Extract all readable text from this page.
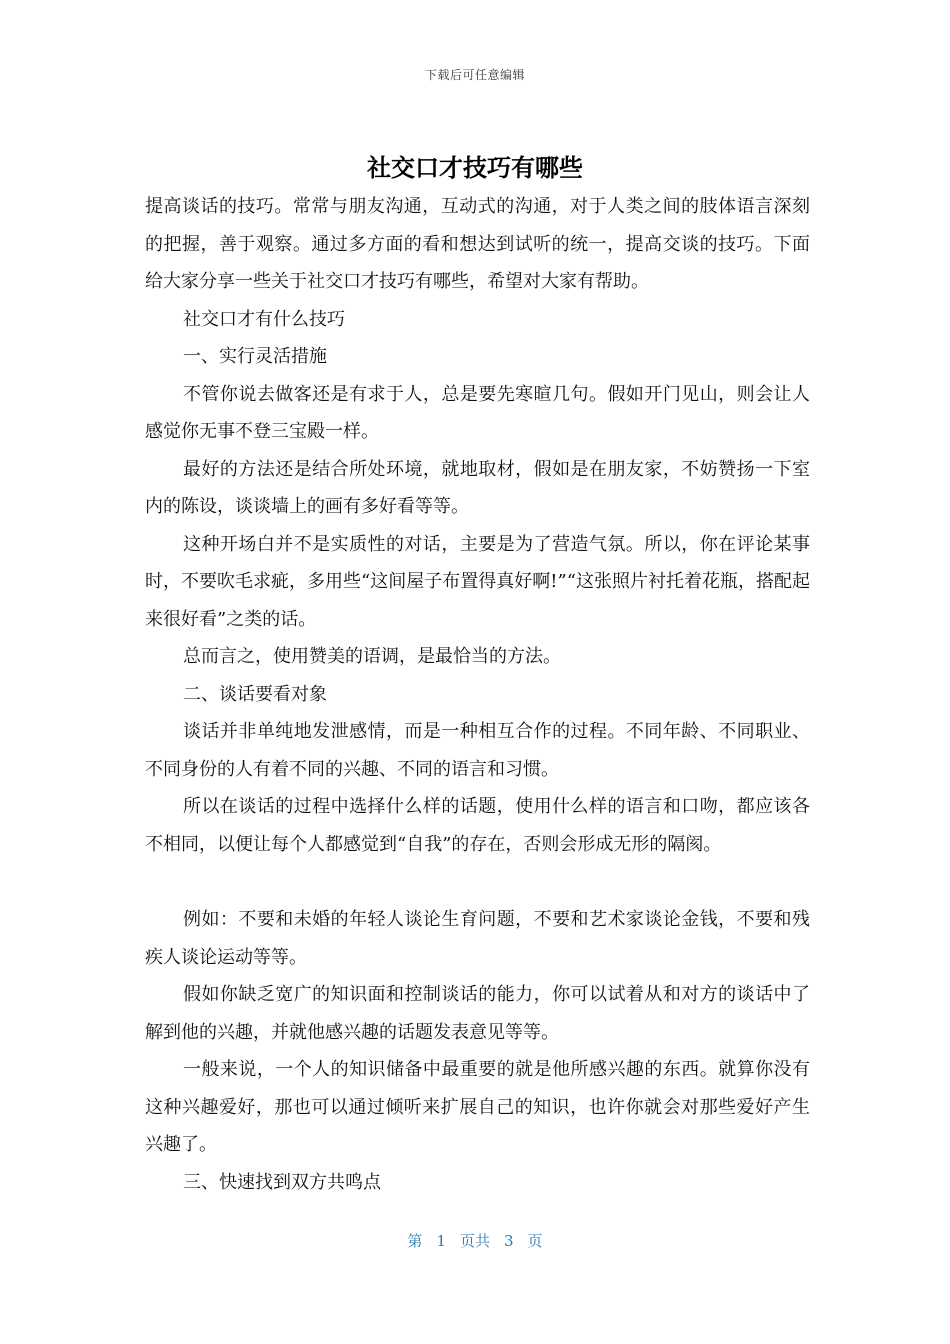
下载后可任意编辑
社交口才技巧有哪些

提高谈话的技巧。常常与朋友沟通，互动式的沟通，对于人类之间的肢体语言深刻的把握，善于观察。通过多方面的看和想达到试听的统一，提高交谈的技巧。下面给大家分享一些关于社交口才技巧有哪些，希望对大家有帮助。

社交口才有什么技巧

一、实行灵活措施

不管你说去做客还是有求于人，总是要先寒暄几句。假如开门见山，则会让人感觉你无事不登三宝殿一样。

最好的方法还是结合所处环境，就地取材，假如是在朋友家，不妨赞扬一下室内的陈设，谈谈墙上的画有多好看等等。

这种开场白并不是实质性的对话，主要是为了营造气氛。所以，你在评论某事时，不要吹毛求疵，多用些“这间屋子布置得真好啊!”“这张照片衬托着花瓶，搭配起来很好看”之类的话。

总而言之，使用赞美的语调，是最恰当的方法。

二、谈话要看对象

谈话并非单纯地发泄感情，而是一种相互合作的过程。不同年龄、不同职业、不同身份的人有着不同的兴趣、不同的语言和习惯。

所以在谈话的过程中选择什么样的话题，使用什么样的语言和口吻，都应该各不相同，以便让每个人都感觉到“自我”的存在，否则会形成无形的隔阂。

例如：不要和未婚的年轻人谈论生育问题，不要和艺术家谈论金钱，不要和残疾人谈论运动等等。

假如你缺乏宽广的知识面和控制谈话的能力，你可以试着从和对方的谈话中了解到他的兴趣，并就他感兴趣的话题发表意见等等。

一般来说，一个人的知识储备中最重要的就是他所感兴趣的东西。就算你没有这种兴趣爱好，那也可以通过倾听来扩展自己的知识，也许你就会对那些爱好产生兴趣了。

三、快速找到双方共鸣点

第 1 页共 3 页
